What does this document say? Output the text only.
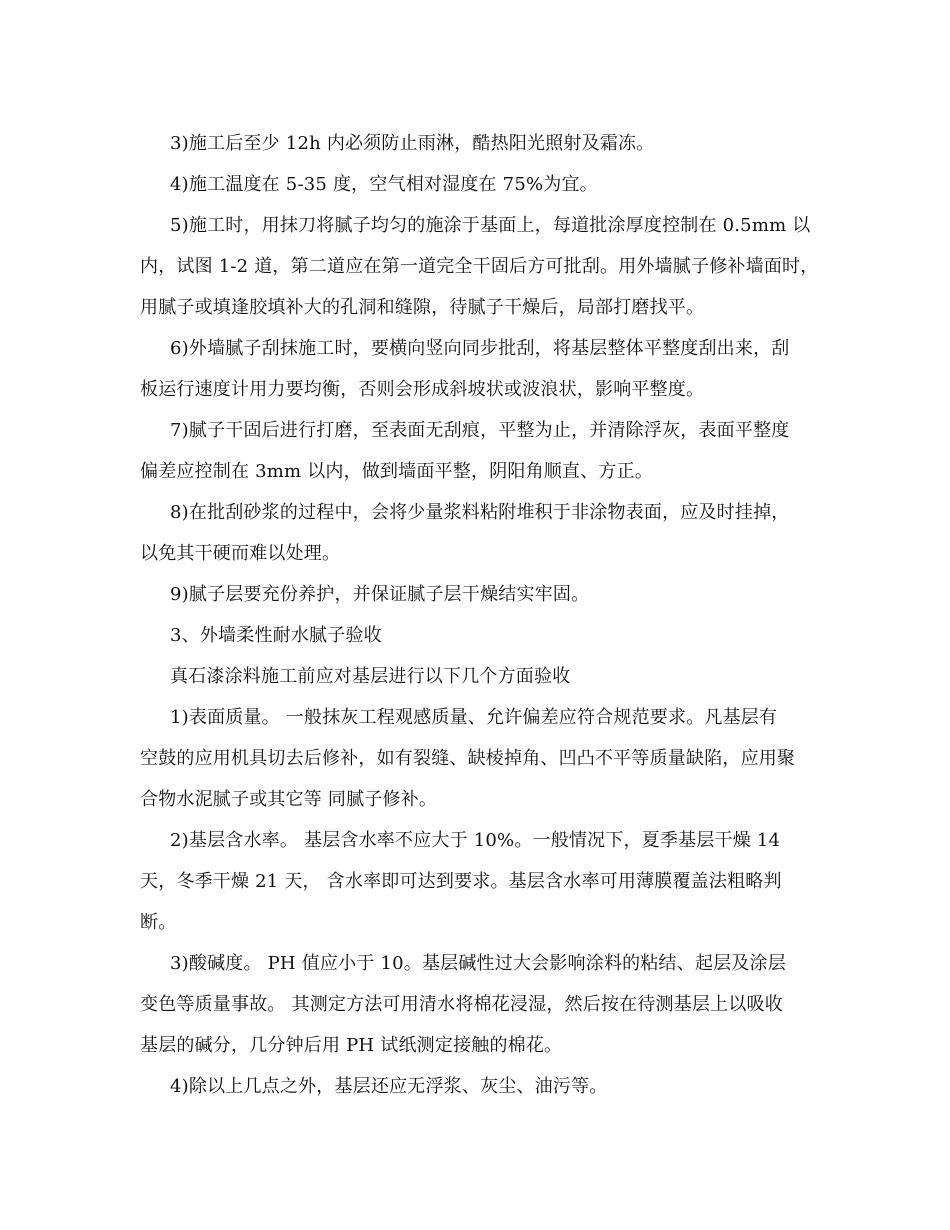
3)施工后至少 12h 内必须防止雨淋，酷热阳光照射及霜冻。
4)施工温度在 5-35 度，空气相对湿度在 75%为宜。
5)施工时，用抹刀将腻子均匀的施涂于基面上，每道批涂厚度控制在 0.5mm 以
内，试图 1-2 道，第二道应在第一道完全干固后方可批刮。用外墙腻子修补墙面时，
用腻子或填逢胶填补大的孔洞和缝隙，待腻子干燥后，局部打磨找平。
6)外墙腻子刮抹施工时，要横向竖向同步批刮，将基层整体平整度刮出来，刮
板运行速度计用力要均衡，否则会形成斜坡状或波浪状，影响平整度。
7)腻子干固后进行打磨，至表面无刮痕，平整为止，并清除浮灰，表面平整度
偏差应控制在 3mm 以内，做到墙面平整，阴阳角顺直、方正。
8)在批刮砂浆的过程中，会将少量浆料粘附堆积于非涂物表面，应及时挂掉，
以免其干硬而难以处理。
9)腻子层要充份养护，并保证腻子层干燥结实牢固。
3、外墙柔性耐水腻子验收
真石漆涂料施工前应对基层进行以下几个方面验收
1)表面质量。 一般抹灰工程观感质量、允许偏差应符合规范要求。凡基层有
空鼓的应用机具切去后修补，如有裂缝、缺棱掉角、凹凸不平等质量缺陷，应用聚
合物水泥腻子或其它等 同腻子修补。
2)基层含水率。 基层含水率不应大于 10%。一般情况下，夏季基层干燥 14
天，冬季干燥 21 天， 含水率即可达到要求。基层含水率可用薄膜覆盖法粗略判
断。
3)酸碱度。 PH 值应小于 10。基层碱性过大会影响涂料的粘结、起层及涂层
变色等质量事故。 其测定方法可用清水将棉花浸湿，然后按在待测基层上以吸收
基层的碱分，几分钟后用 PH 试纸测定接触的棉花。
4)除以上几点之外，基层还应无浮浆、灰尘、油污等。
